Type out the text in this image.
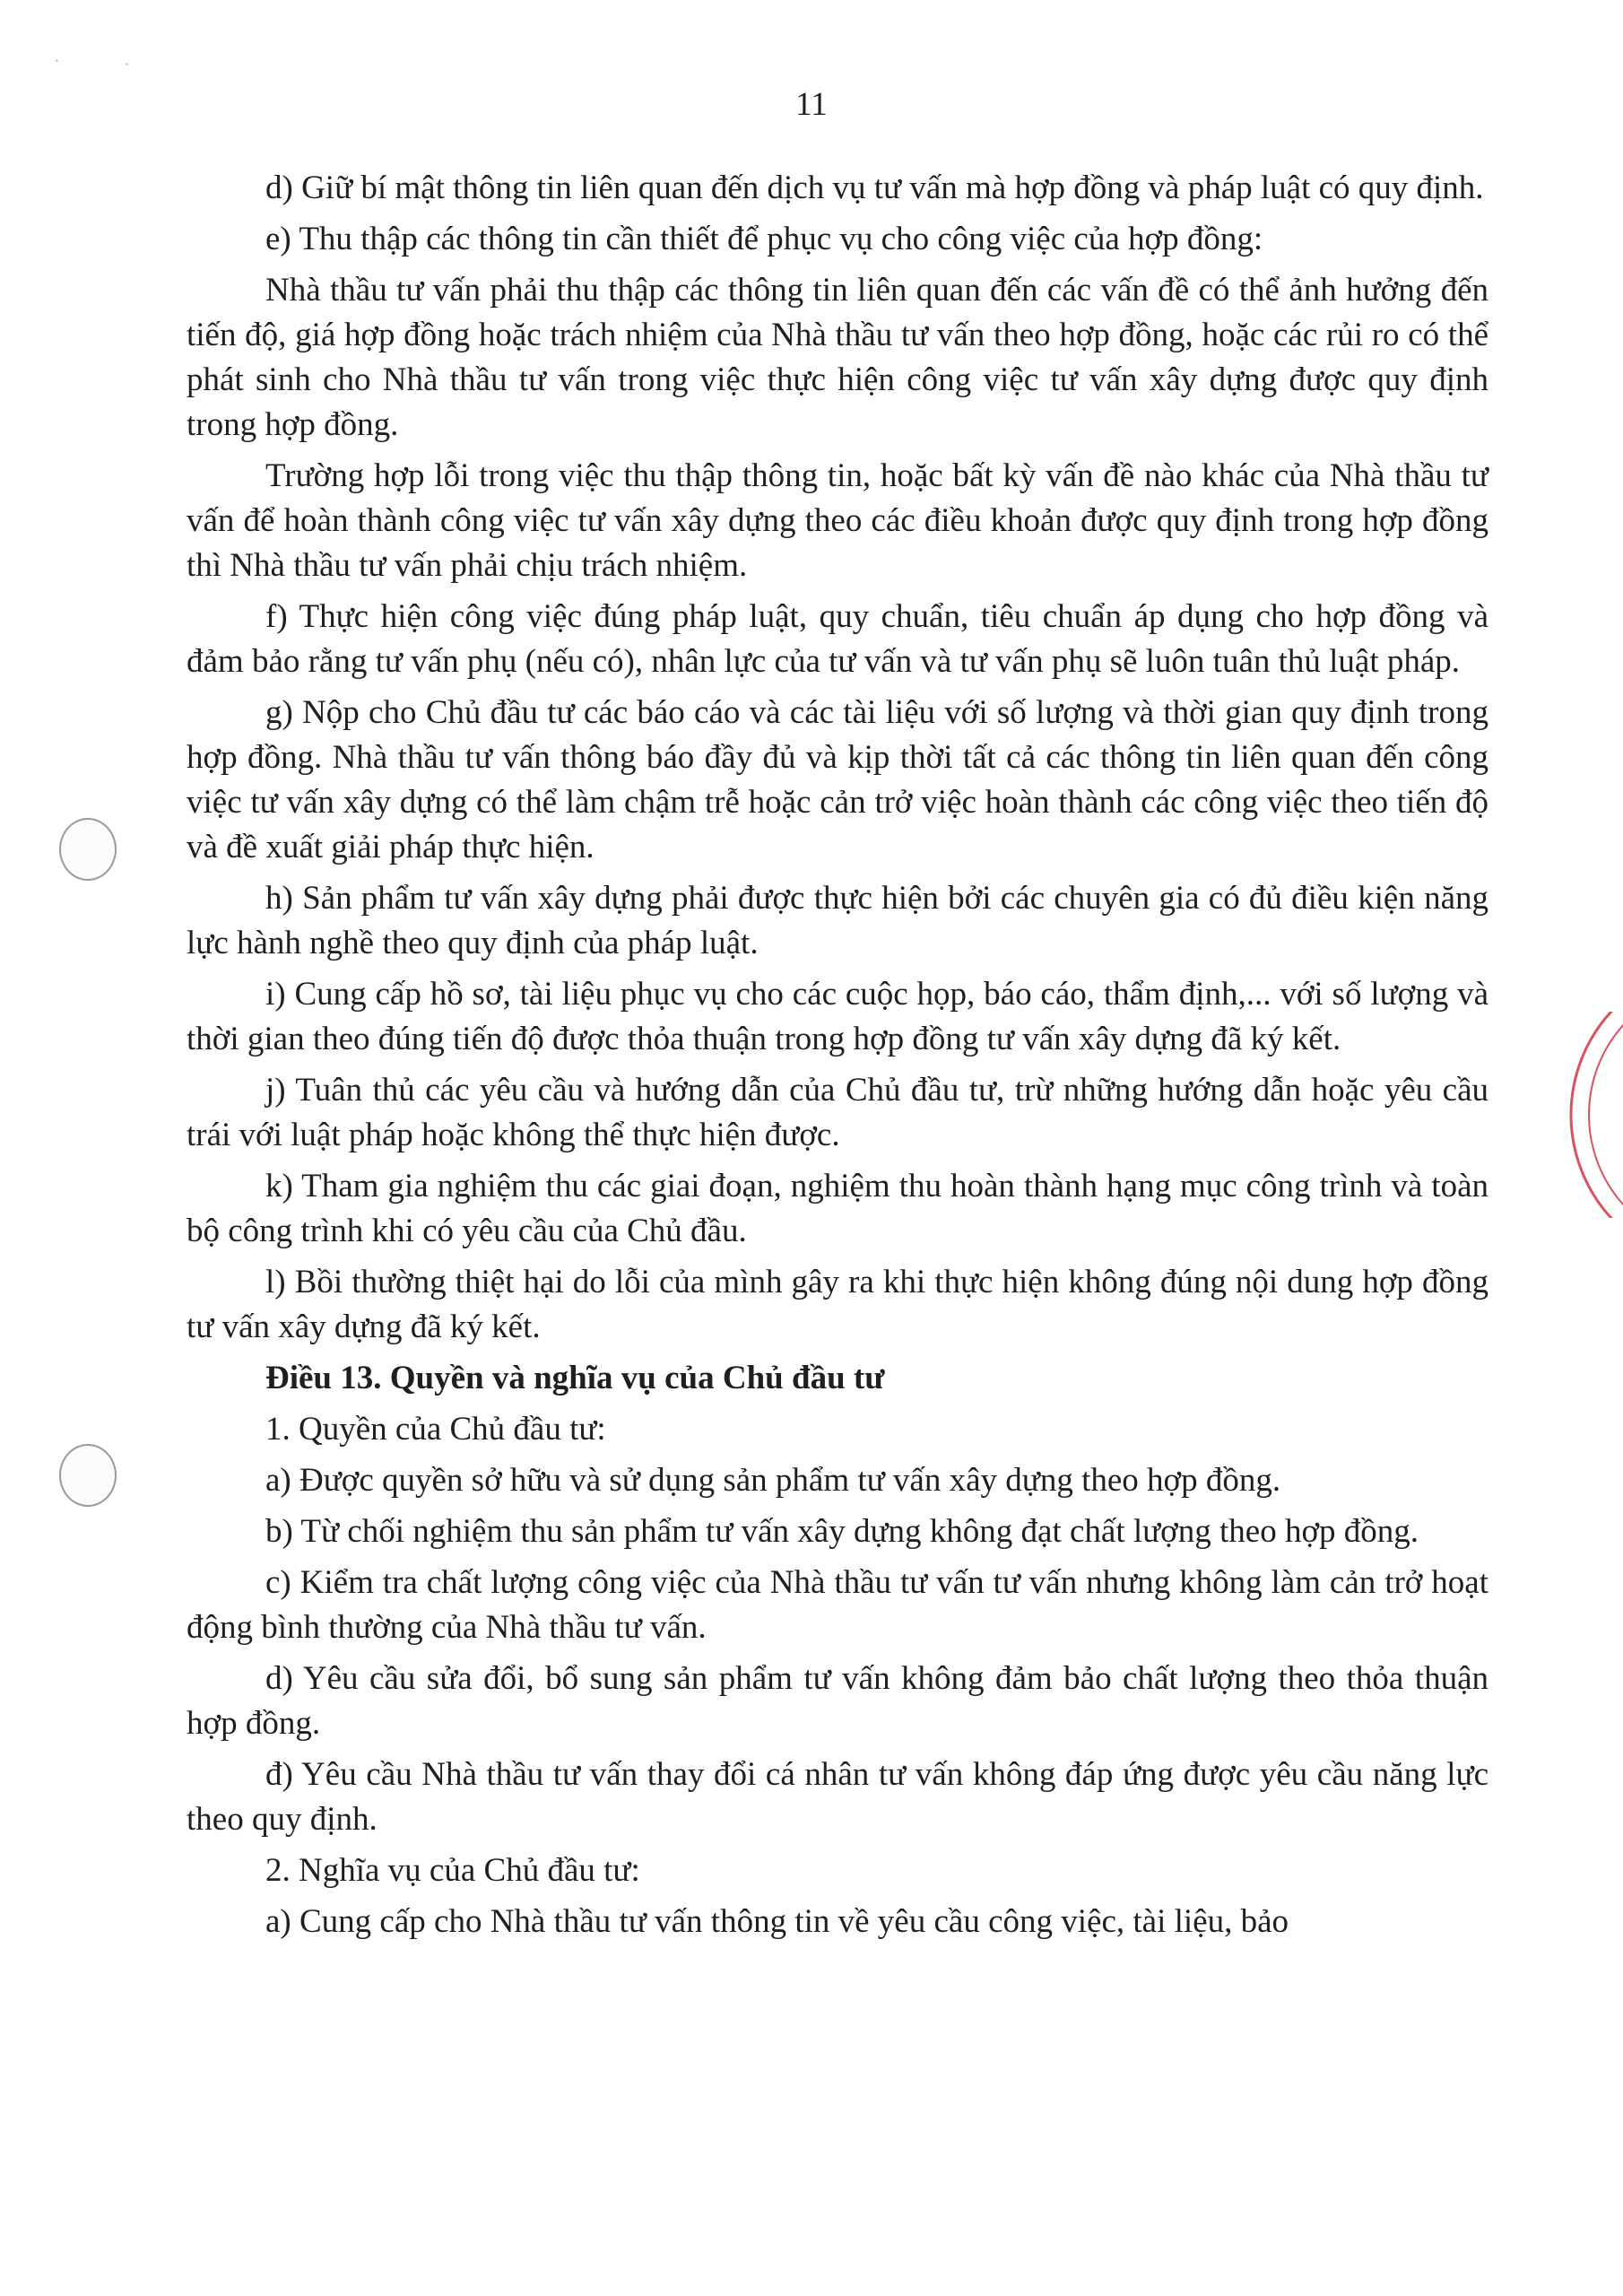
11

d) Giữ bí mật thông tin liên quan đến dịch vụ tư vấn mà hợp đồng và pháp luật có quy định.

e) Thu thập các thông tin cần thiết để phục vụ cho công việc của hợp đồng:

Nhà thầu tư vấn phải thu thập các thông tin liên quan đến các vấn đề có thể ảnh hưởng đến tiến độ, giá hợp đồng hoặc trách nhiệm của Nhà thầu tư vấn theo hợp đồng, hoặc các rủi ro có thể phát sinh cho Nhà thầu tư vấn trong việc thực hiện công việc tư vấn xây dựng được quy định trong hợp đồng.

Trường hợp lỗi trong việc thu thập thông tin, hoặc bất kỳ vấn đề nào khác của Nhà thầu tư vấn để hoàn thành công việc tư vấn xây dựng theo các điều khoản được quy định trong hợp đồng thì Nhà thầu tư vấn phải chịu trách nhiệm.

f) Thực hiện công việc đúng pháp luật, quy chuẩn, tiêu chuẩn áp dụng cho hợp đồng và đảm bảo rằng tư vấn phụ (nếu có), nhân lực của tư vấn và tư vấn phụ sẽ luôn tuân thủ luật pháp.

g) Nộp cho Chủ đầu tư các báo cáo và các tài liệu với số lượng và thời gian quy định trong hợp đồng. Nhà thầu tư vấn thông báo đầy đủ và kịp thời tất cả các thông tin liên quan đến công việc tư vấn xây dựng có thể làm chậm trễ hoặc cản trở việc hoàn thành các công việc theo tiến độ và đề xuất giải pháp thực hiện.

h) Sản phẩm tư vấn xây dựng phải được thực hiện bởi các chuyên gia có đủ điều kiện năng lực hành nghề theo quy định của pháp luật.

i) Cung cấp hồ sơ, tài liệu phục vụ cho các cuộc họp, báo cáo, thẩm định,... với số lượng và thời gian theo đúng tiến độ được thỏa thuận trong hợp đồng tư vấn xây dựng đã ký kết.

j) Tuân thủ các yêu cầu và hướng dẫn của Chủ đầu tư, trừ những hướng dẫn hoặc yêu cầu trái với luật pháp hoặc không thể thực hiện được.

k) Tham gia nghiệm thu các giai đoạn, nghiệm thu hoàn thành hạng mục công trình và toàn bộ công trình khi có yêu cầu của Chủ đầu.

l) Bồi thường thiệt hại do lỗi của mình gây ra khi thực hiện không đúng nội dung hợp đồng tư vấn xây dựng đã ký kết.

Điều 13. Quyền và nghĩa vụ của Chủ đầu tư

1. Quyền của Chủ đầu tư:

a) Được quyền sở hữu và sử dụng sản phẩm tư vấn xây dựng theo hợp đồng.

b) Từ chối nghiệm thu sản phẩm tư vấn xây dựng không đạt chất lượng theo hợp đồng.

c) Kiểm tra chất lượng công việc của Nhà thầu tư vấn tư vấn nhưng không làm cản trở hoạt động bình thường của Nhà thầu tư vấn.

d) Yêu cầu sửa đổi, bổ sung sản phẩm tư vấn không đảm bảo chất lượng theo thỏa thuận hợp đồng.

đ) Yêu cầu Nhà thầu tư vấn thay đổi cá nhân tư vấn không đáp ứng được yêu cầu năng lực theo quy định.

2. Nghĩa vụ của Chủ đầu tư:

a) Cung cấp cho Nhà thầu tư vấn thông tin về yêu cầu công việc, tài liệu, bảo
